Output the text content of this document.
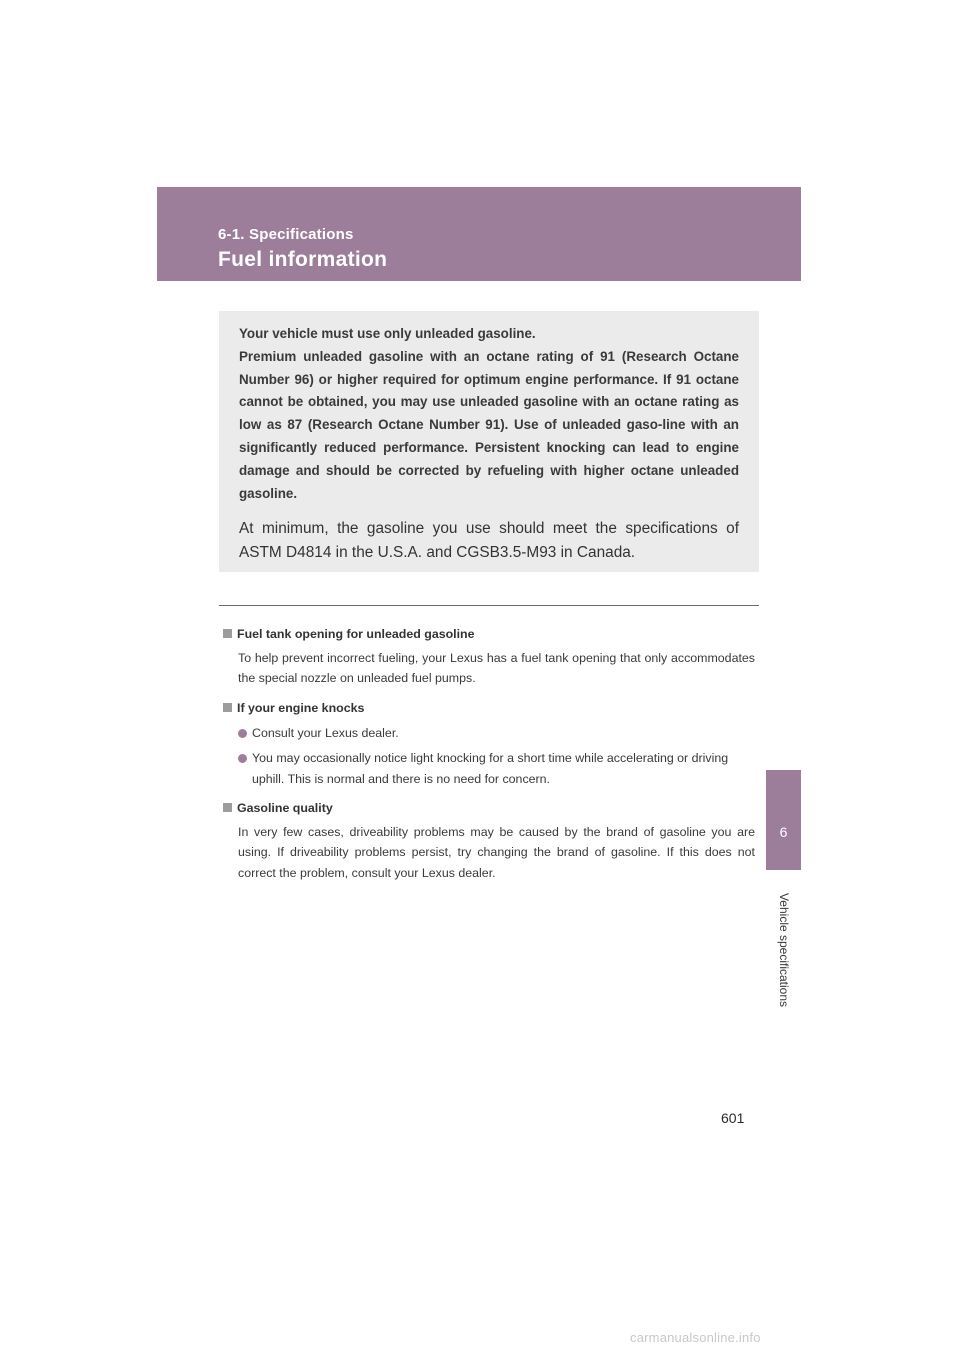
6-1. Specifications
Fuel information
6
Vehicle specifications

Your vehicle must use only unleaded gasoline.

Premium unleaded gasoline with an octane rating of 91 (Research Octane Number 96) or higher required for optimum engine performance. If 91 octane cannot be obtained, you may use unleaded gasoline with an octane rating as low as 87 (Research Octane Number 91). Use of unleaded gaso-line with an significantly reduced performance. Persistent knocking can lead to engine damage and should be corrected by refueling with higher octane unleaded gasoline.

At minimum, the gasoline you use should meet the specifications of ASTM D4814 in the U.S.A. and CGSB3.5-M93 in Canada.

Fuel tank opening for unleaded gasoline
To help prevent incorrect fueling, your Lexus has a fuel tank opening that only accommodates the special nozzle on unleaded fuel pumps.
If your engine knocks
Consult your Lexus dealer.
You may occasionally notice light knocking for a short time while accelerating or driving uphill. This is normal and there is no need for concern.
Gasoline quality
In very few cases, driveability problems may be caused by the brand of gasoline you are using. If driveability problems persist, try changing the brand of gasoline. If this does not correct the problem, consult your Lexus dealer.
601
carmanualsonline.info
